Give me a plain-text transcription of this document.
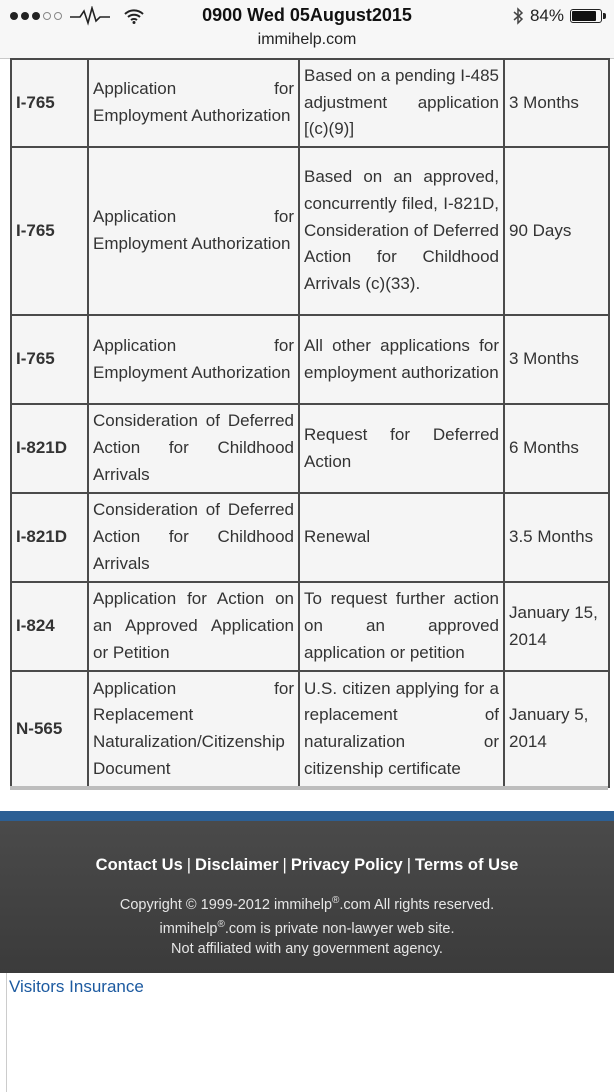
0900 Wed 05August2015
immihelp.com
84%
I-765	Application for Employment Authorization	Based on a pending I-485 adjustment application [(c)(9)]	3 Months
I-765	Application for Employment Authorization	Based on an approved, concurrently filed, I-821D, Consideration of Deferred Action for Childhood Arrivals (c)(33).	90 Days
I-765	Application for Employment Authorization	All other applications for employment authorization	3 Months
I-821D	Consideration of Deferred Action for Childhood Arrivals	Request for Deferred Action	6 Months
I-821D	Consideration of Deferred Action for Childhood Arrivals	Renewal	3.5 Months
I-824	Application for Action on an Approved Application or Petition	To request further action on an approved application or petition	January 15, 2014
N-565	Application for Replacement Naturalization/Citizenship Document	U.S. citizen applying for a replacement of naturalization or citizenship certificate	January 5, 2014
Contact Us | Disclaimer | Privacy Policy | Terms of Use
Copyright © 1999-2012 immihelp®.com All rights reserved.
immihelp®.com is private non-lawyer web site.
Not affiliated with any government agency.
Visitors Insurance
